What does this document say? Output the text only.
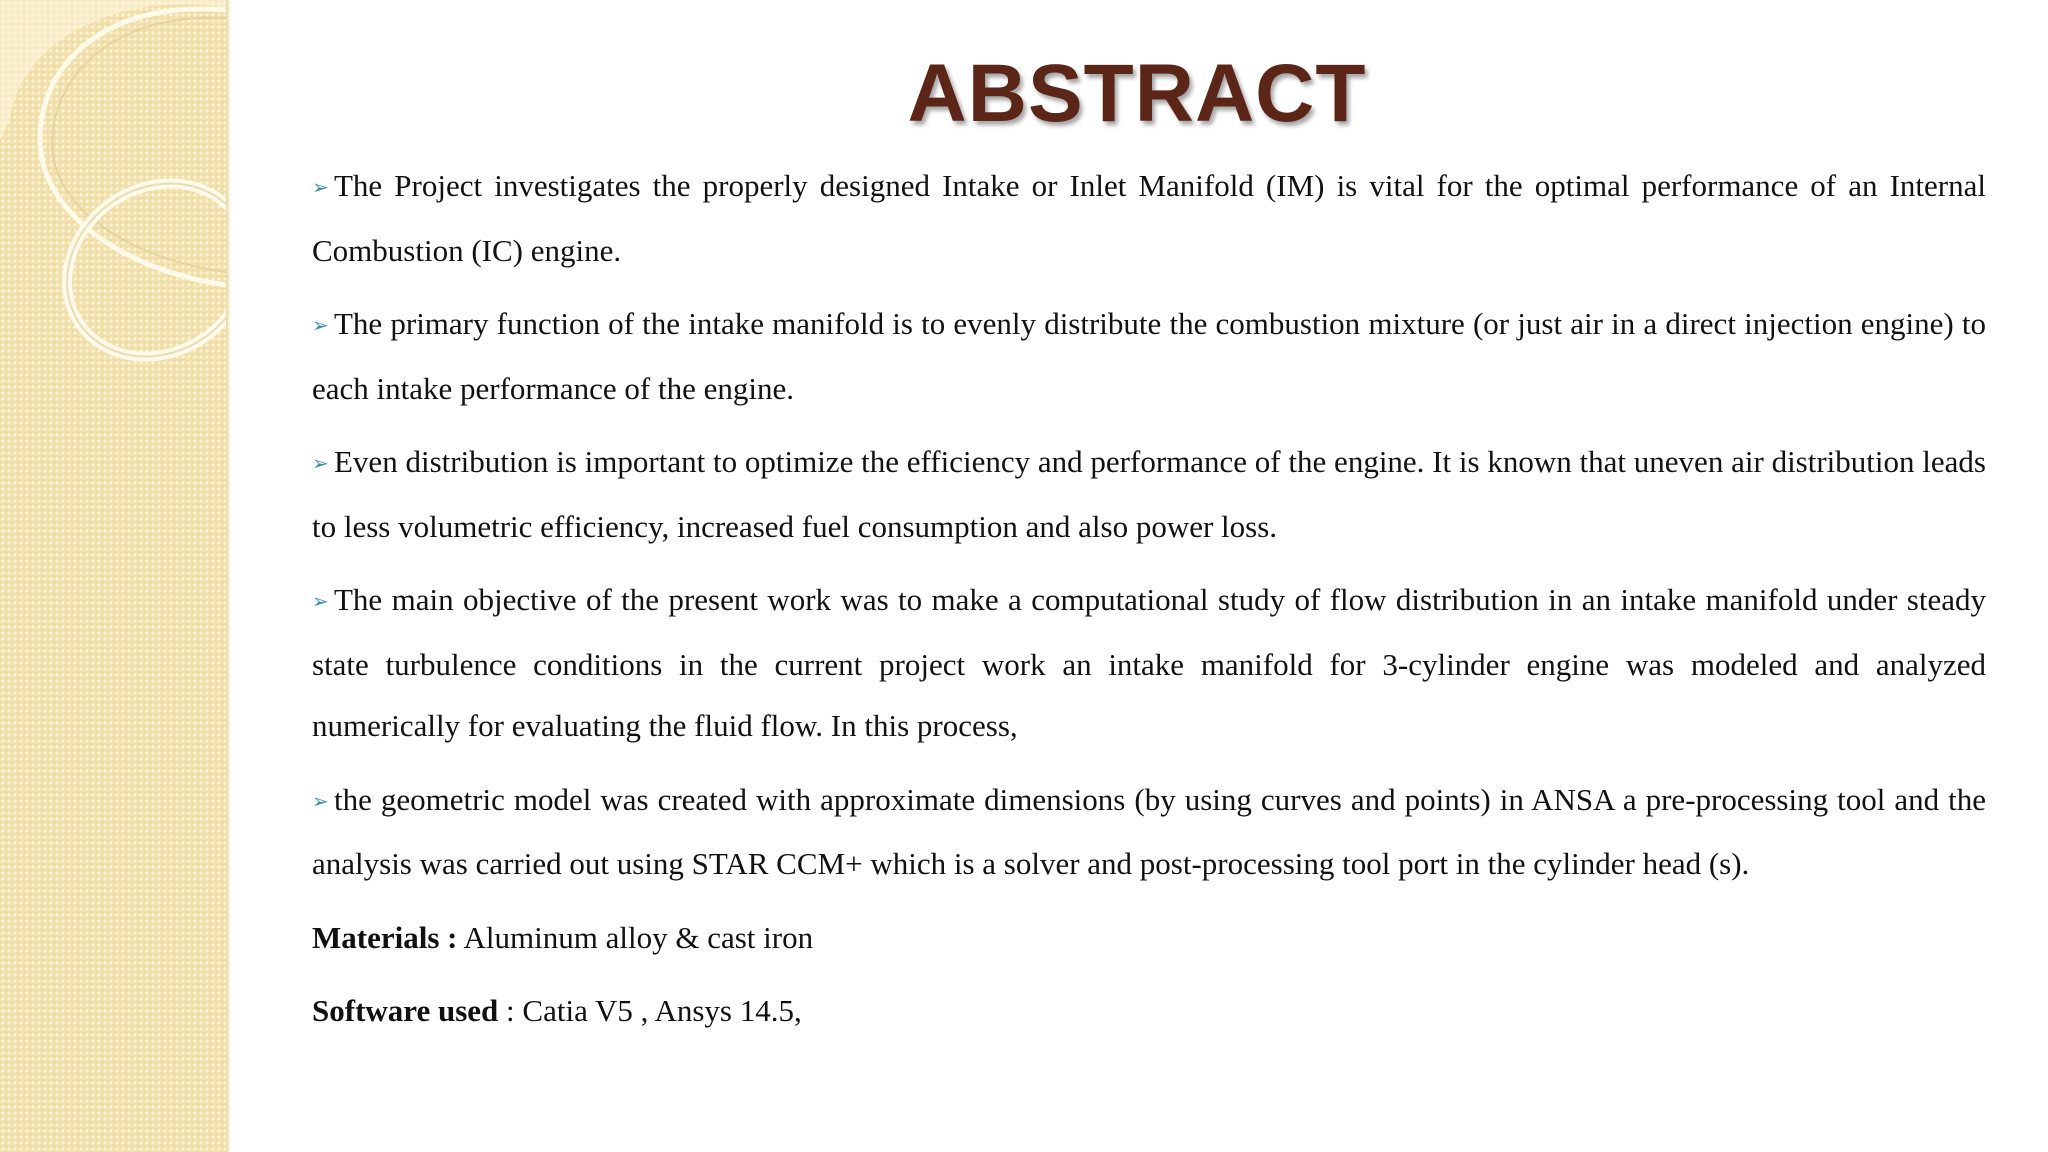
ABSTRACT

➢ The Project investigates the properly designed Intake or Inlet Manifold (IM) is vital for the optimal performance of an Internal Combustion (IC) engine.

➢ The primary function of the intake manifold is to evenly distribute the combustion mixture (or just air in a direct injection engine) to each intake performance of the engine.

➢ Even distribution is important to optimize the efficiency and performance of the engine. It is known that uneven air distribution leads to less volumetric efficiency, increased fuel consumption and also power loss.

➢ The main objective of the present work was to make a computational study of flow distribution in an intake manifold under steady state turbulence conditions in the current project work an intake manifold for 3-cylinder engine was modeled and analyzed numerically for evaluating the fluid flow. In this process,

➢ the geometric model was created with approximate dimensions (by using curves and points) in ANSA a pre-processing tool and the analysis was carried out using STAR CCM+ which is a solver and post-processing tool port in the cylinder head (s).

Materials : Aluminum alloy & cast iron

Software used : Catia V5 , Ansys 14.5,
